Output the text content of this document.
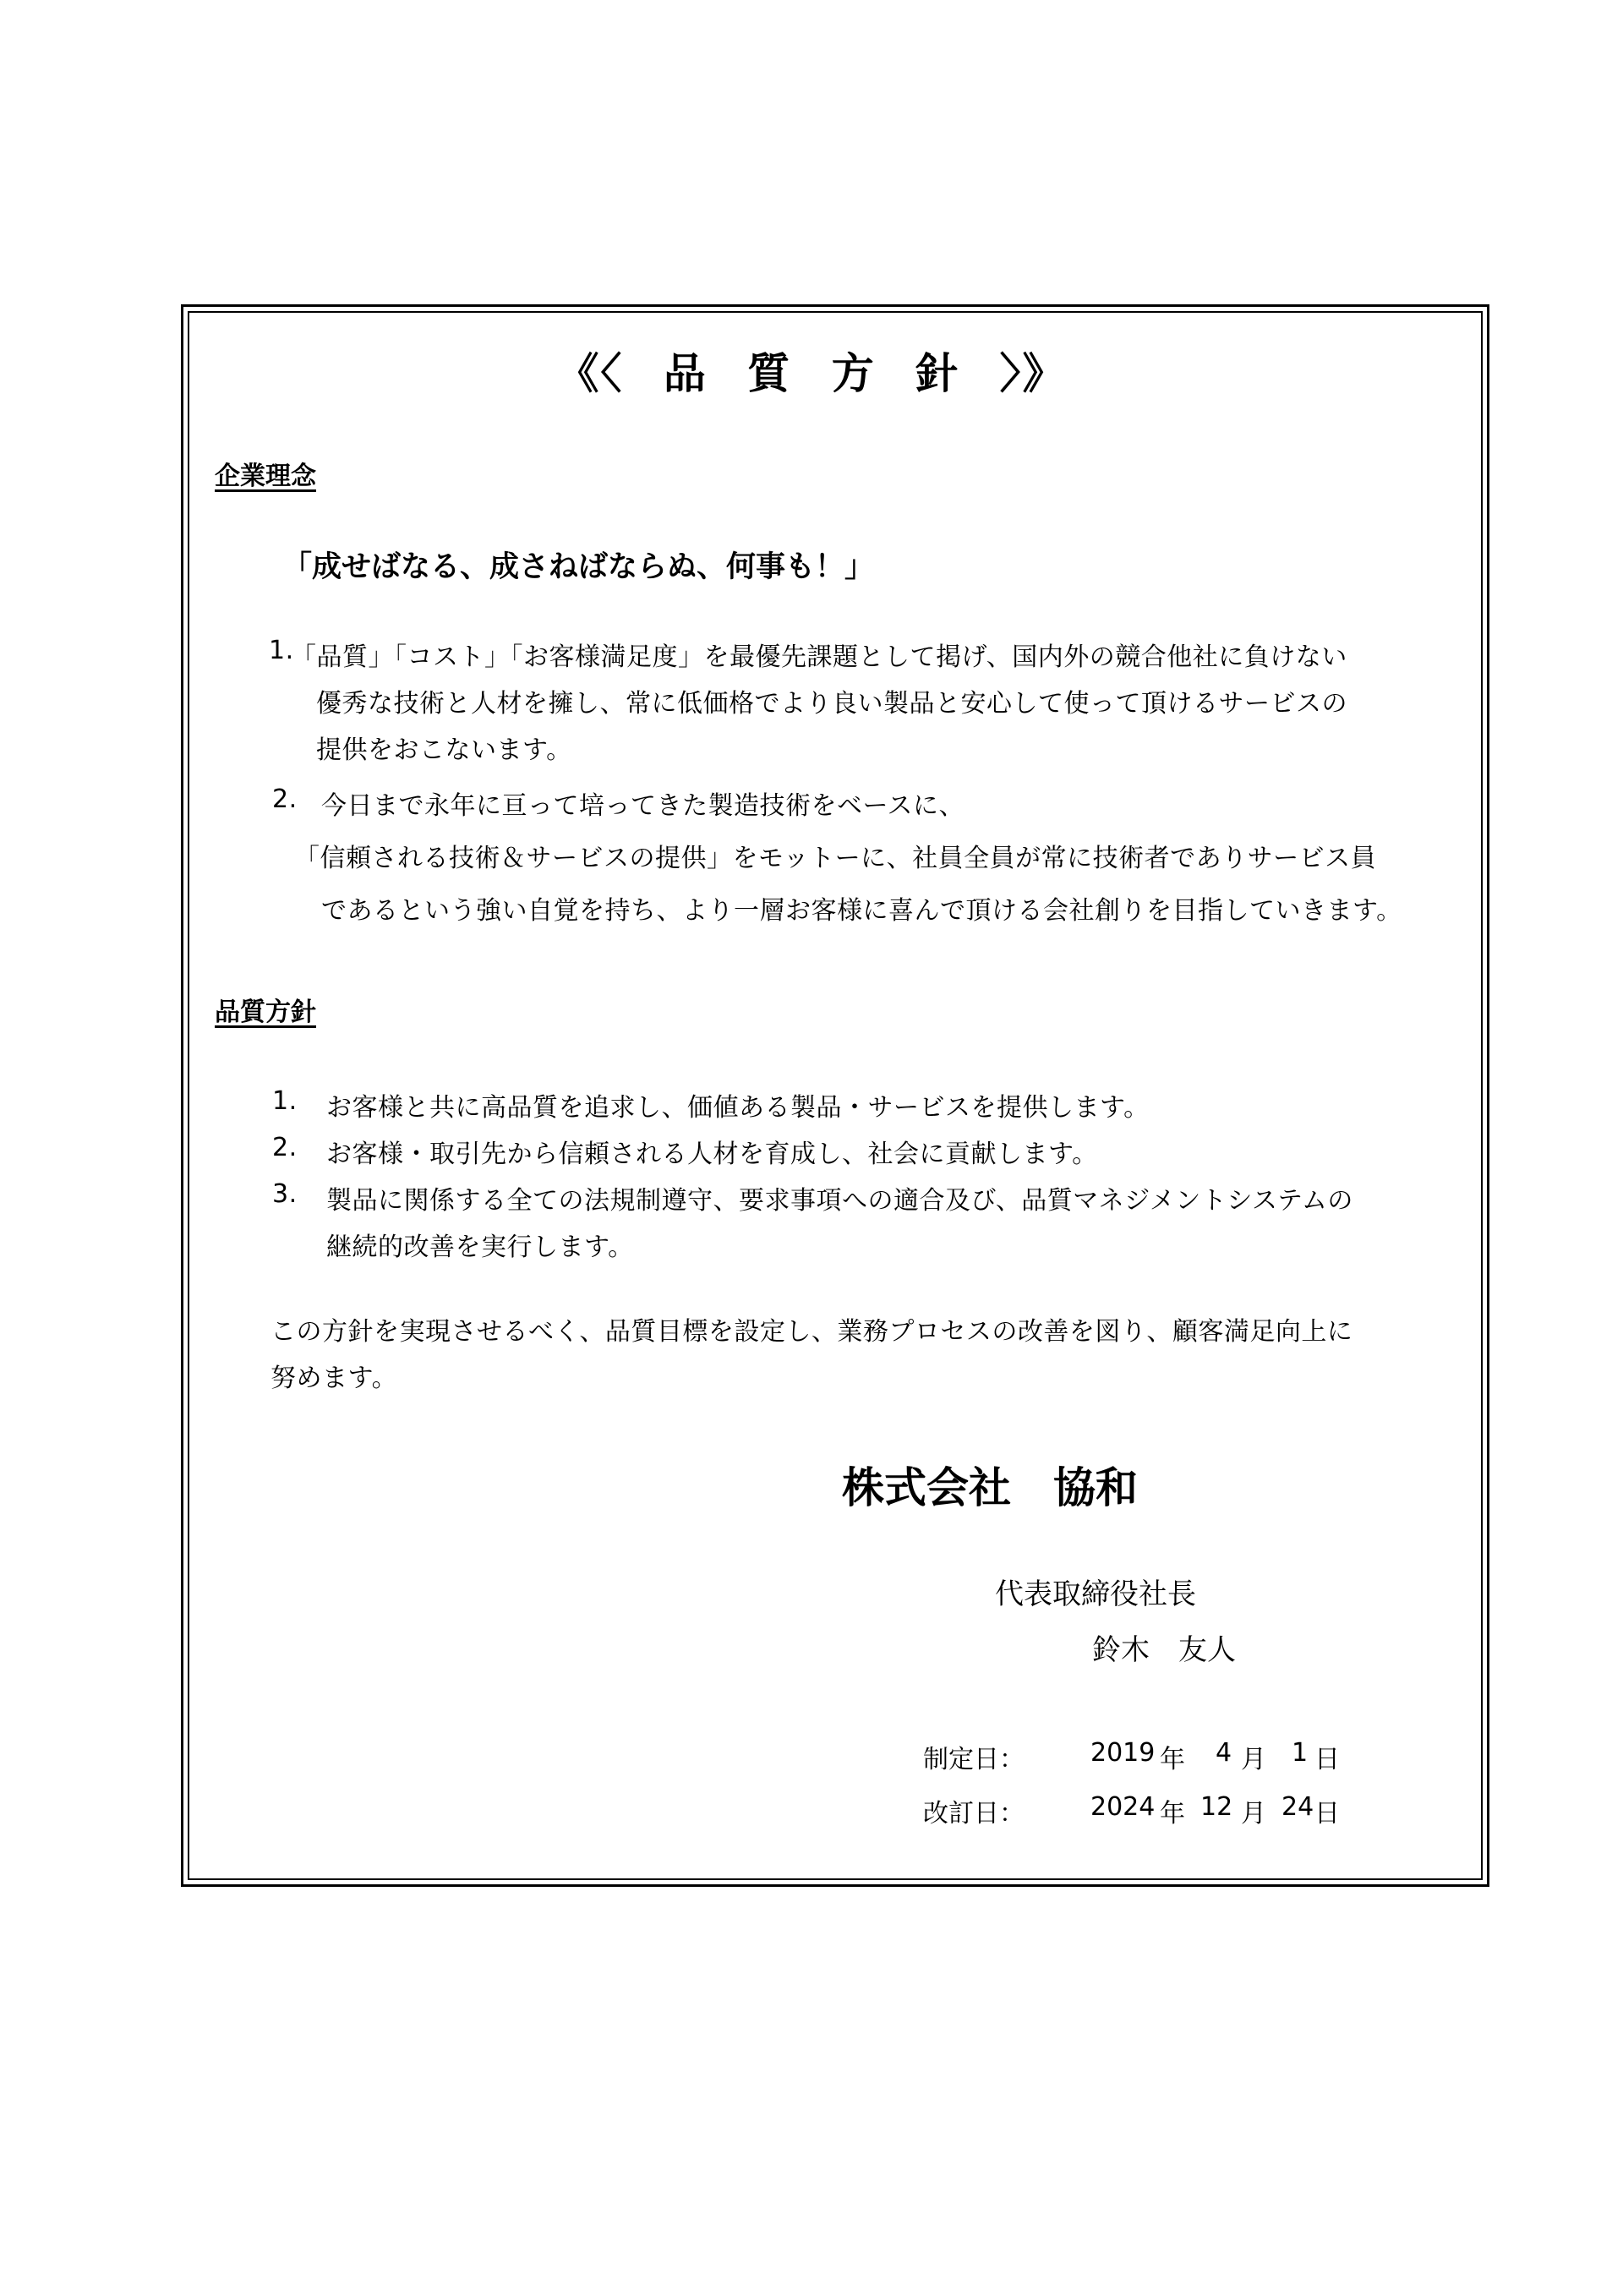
《〈 品 質 方 針 〉》
企業理念
「成せばなる、成さねばならぬ、何事も！」
1.
「品質」「コスト」「お客様満足度」を最優先課題として掲げ、国内外の競合他社に負けない
優秀な技術と人材を擁し、常に低価格でより良い製品と安心して使って頂けるサービスの
提供をおこないます。
2. 今日まで永年に亘って培ってきた製造技術をベースに、
「信頼される技術＆サービスの提供」をモットーに、社員全員が常に技術者でありサービス員
であるという強い自覚を持ち、より一層お客様に喜んで頂ける会社創りを目指していきます。
品質方針
1. お客様と共に高品質を追求し、価値ある製品・サービスを提供します。
2. お客様・取引先から信頼される人材を育成し、社会に貢献します。
3. 製品に関係する全ての法規制遵守、要求事項への適合及び、品質マネジメントシステムの
継続的改善を実行します。
この方針を実現させるべく、品質目標を設定し、業務プロセスの改善を図り、顧客満足向上に
努めます。
株式会社　協和
代表取締役社長
鈴木　友人
制定日：	2019 年 4 月 1 日
改訂日：	2024 年 12 月 24 日
